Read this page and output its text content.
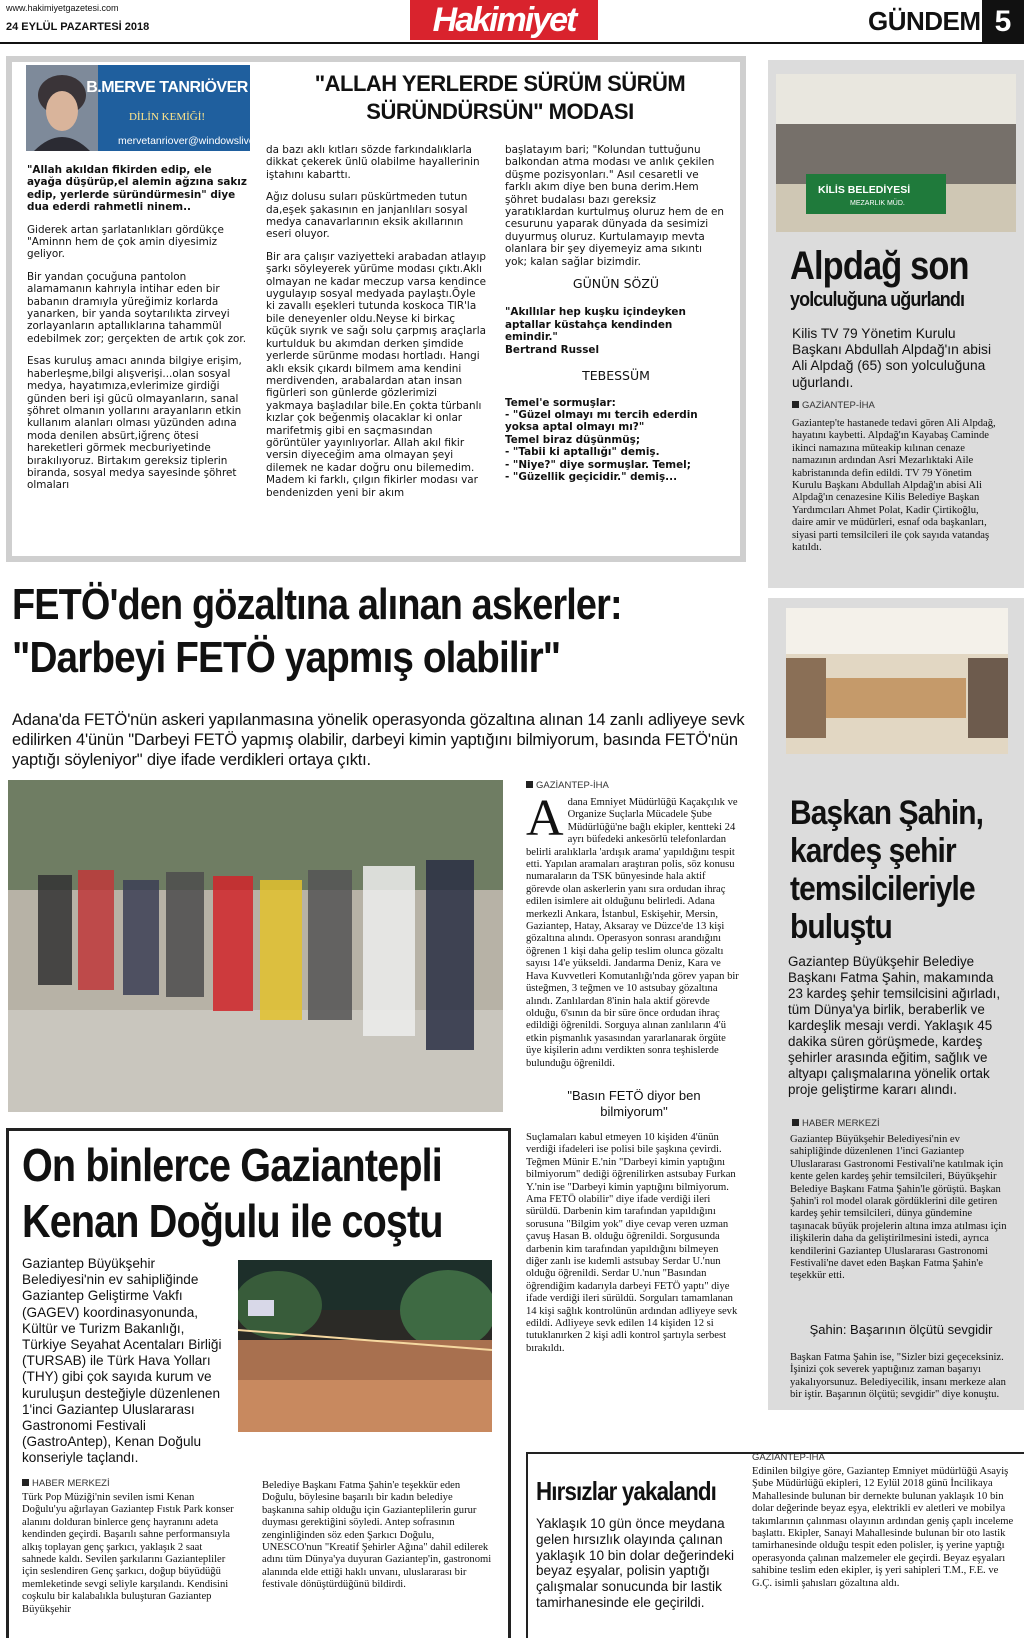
www.hakimiyetgazetesi.com
24 EYLÜL PAZARTESİ 2018	Hakimiyet	GÜNDEM 5
B.MERVE TANRIÖVER
DİLİN KEMİĞİ!
mervetanriover@windowslive.com
"ALLAH YERLERDE SÜRÜM SÜRÜM SÜRÜNDÜRSÜN" MODASI

"Allah akıldan fikirden edip, ele ayağa düşürüp,el alemin ağzına sakız edip, yerlerde süründürmesin" diye dua ederdi rahmetli ninem..

Giderek artan şarlatanlıkları gördükçe "Aminnn hem de çok amin diyesimiz geliyor.

Bir yandan çocuğuna pantolon alamamanın kahrıyla intihar eden bir babanın dramıyla yüreğimiz korlarda yanarken, bir yanda soytarılıkta zirveyi zorlayanların aptallıklarına tahammül edebilmek zor; gerçekten de artık çok zor.

Esas kuruluş amacı anında bilgiye erişim, haberleşme,bilgi alışverişi...olan sosyal medya, hayatımıza,evlerimize girdiği günden beri işi gücü olmayanların, sanal şöhret olmanın yollarını arayanların etkin kullanım alanları olması yüzünden adına moda denilen absürt,iğrenç ötesi hareketleri görmek mecburiyetinde bırakılıyoruz. Birtakım gereksiz tiplerin biranda, sosyal medya sayesinde şöhret olmaları

da bazı aklı kıtları sözde farkındalıklarla dikkat çekerek ünlü olabilme hayallerinin iştahını kabarttı.

Ağız dolusu suları püskürtmeden tutun da,eşek şakasının en janjanlıları sosyal medya canavarlarının eksik akıllarının eseri oluyor.

Bir ara çalışır vaziyetteki arabadan atlayıp şarkı söyleyerek yürüme modası çıktı.Aklı olmayan ne kadar meczup varsa kendince uygulayıp sosyal medyada paylaştı.Öyle ki zavallı eşekleri tutunda koskoca TIR'la bile deneyenler oldu.Neyse ki birkaç küçük sıyrık ve sağı solu çarpmış araçlarla kurtulduk bu akımdan derken şimdide yerlerde sürünme modası hortladı. Hangi aklı eksik çıkardı bilmem ama kendini merdivenden, arabalardan atan insan figürleri son günlerde gözlerimizi yakmaya başladılar bile.En çokta türbanlı kızlar çok beğenmiş olacaklar ki onlar marifetmiş gibi en saçmasından görüntüler yayınlıyorlar. Allah akıl fikir versin diyeceğim ama olmayan şeyi dilemek ne kadar doğru onu bilemedim. Madem ki farklı, çılgın fikirler modası var bendenizden yeni bir akım

başlatayım bari; "Kolundan tuttuğunu balkondan atma modası ve anlık çekilen düşme pozisyonları." Asıl cesaretli ve farklı akım diye ben buna derim.Hem şöhret budalası bazı gereksiz yaratıklardan kurtulmuş oluruz hem de en cesurunu yaparak dünyada da sesimizi duyurmuş oluruz. Kurtulamayıp mevta olanlara bir şey diyemeyiz ama sıkıntı yok; kalan sağlar bizimdir.

GÜNÜN SÖZÜ
"Akıllılar hep kuşku içindeyken aptallar küstahça kendinden emindir."
Bertrand Russel
TEBESSÜM
Temel'e sormuşlar:
- "Güzel olmayı mı tercih ederdin yoksa aptal olmayı mı?"
Temel biraz düşünmüş;
- "Tabii ki aptallığı" demiş.
- "Niye?" diye sormuşlar. Temel;
- "Güzellik geçicidir." demiş...
FETÖ'den gözaltına alınan askerler:
"Darbeyi FETÖ yapmış olabilir"
Adana'da FETÖ'nün askeri yapılanmasına yönelik operasyonda gözaltına alınan 14 zanlı adliyeye sevk edilirken 4'ünün "Darbeyi FETÖ yapmış olabilir, darbeyi kimin yaptığını bilmiyorum, basında FETÖ'nün yaptığı söyleniyor" diye ifade verdikleri ortaya çıktı.
GAZİANTEP-İHA
A dana Emniyet Müdürlüğü Kaçakçılık ve Organize Suçlarla Mücadele Şube Müdürlüğü'ne bağlı ekipler, kentteki 24 ayrı büfedeki ankesörlü telefonlardan belirli aralıklarla 'ardışık arama' yapıldığını tespit etti. Yapılan aramaları araştıran polis, söz konusu numaraların da TSK bünyesinde hala aktif görevde olan askerlerin yanı sıra ordudan ihraç edilen isimlere ait olduğunu belirledi. Adana merkezli Ankara, İstanbul, Eskişehir, Mersin, Gaziantep, Hatay, Aksaray ve Düzce'de 13 kişi gözaltına alındı. Operasyon sonrası arandığını öğrenen 1 kişi daha gelip teslim olunca gözaltı sayısı 14'e yükseldi. Jandarma Deniz, Kara ve Hava Kuvvetleri Komutanlığı'nda görev yapan bir üsteğmen, 3 teğmen ve 10 astsubay gözaltına alındı. Zanlılardan 8'inin hala aktif görevde olduğu, 6'sının da bir süre önce ordudan ihraç edildiği öğrenildi. Sorguya alınan zanlıların 4'ü etkin pişmanlık yasasından yararlanarak örgüte üye kişilerin adını verdikten sonra teşhislerde bulunduğu öğrenildi.
"Basın FETÖ diyor ben bilmiyorum"
Suçlamaları kabul etmeyen 10 kişiden 4'ünün verdiği ifadeleri ise polisi bile şaşkına çevirdi. Teğmen Münir E.'nin "Darbeyi kimin yaptığını bilmiyorum" dediği öğrenilirken astsubay Furkan Y.'nin ise "Darbeyi kimin yaptığını bilmiyorum. Ama FETÖ olabilir" diye ifade verdiği ileri sürüldü. Darbenin kim tarafından yapıldığını sorusuna "Bilgim yok" diye cevap veren uzman çavuş Hasan B. olduğu öğrenildi. Sorgusunda darbenin kim tarafından yapıldığını bilmeyen diğer zanlı ise kıdemli astsubay Serdar U.'nun olduğu öğrenildi. Serdar U.'nun "Basından öğrendiğim kadarıyla darbeyi FETÖ yaptı" diye ifade verdiği ileri sürüldü. Sorguları tamamlanan 14 kişi sağlık kontrolünün ardından adliyeye sevk edildi. Adliyeye sevk edilen 14 kişiden 12 si tutuklanırken 2 kişi adli kontrol şartıyla serbest bırakıldı.
On binlerce Gaziantepli
Kenan Doğulu ile coştu
Gaziantep Büyükşehir Belediyesi'nin ev sahipliğinde Gaziantep Geliştirme Vakfı (GAGEV) koordinasyonunda, Kültür ve Turizm Bakanlığı, Türkiye Seyahat Acentaları Birliği (TURSAB) ile Türk Hava Yolları (THY) gibi çok sayıda kurum ve kuruluşun desteğiyle düzenlenen 1'inci Gaziantep Uluslararası Gastronomi Festivali (GastroAntep), Kenan Doğulu konseriyle taçlandı.
HABER MERKEZİ
Türk Pop Müziği'nin sevilen ismi Kenan Doğulu'yu ağırlayan Gaziantep Fıstık Park konser alanını dolduran binlerce genç hayranını adeta kendinden geçirdi. Başarılı sahne performansıyla alkış toplayan genç şarkıcı, yaklaşık 2 saat sahnede kaldı. Sevilen şarkılarını Gaziantepliler için seslendiren Genç şarkıcı, doğup büyüdüğü memleketinde sevgi seliyle karşılandı. Kendisini coşkulu bir kalabalıkla buluşturan Gaziantep Büyükşehir
Belediye Başkanı Fatma Şahin'e teşekkür eden Doğulu, böylesine başarılı bir kadın belediye başkanına sahip olduğu için Gazianteplilerin gurur duyması gerektiğini söyledi. Antep sofrasının zenginliğinden söz eden Şarkıcı Doğulu, UNESCO'nun "Kreatif Şehirler Ağına" dahil edilerek adını tüm Dünya'ya duyuran Gaziantep'in, gastronomi alanında elde ettiği haklı unvanı, uluslararası bir festivale dönüştürdüğünü bildirdi.
KİLİS BELEDİYESİ
MEZARLIK MÜD.
Alpdağ son
yolculuğuna uğurlandı
Kilis TV 79 Yönetim Kurulu Başkanı Abdullah Alpdağ'ın abisi Ali Alpdağ (65) son yolculuğuna uğurlandı.
GAZİANTEP-İHA
Gaziantep'te hastanede tedavi gören Ali Alpdağ, hayatını kaybetti. Alpdağ'ın Kayabaş Caminde ikinci namazına müteakip kılınan cenaze namazının ardından Asri Mezarlıktaki Aile kabristanında defin edildi. TV 79 Yönetim Kurulu Başkanı Abdullah Alpdağ'ın abisi Ali Alpdağ'ın cenazesine Kilis Belediye Başkan Yardımcıları Ahmet Polat, Kadir Çirtikoğlu, daire amir ve müdürleri, esnaf oda başkanları, siyasi parti temsilcileri ile çok sayıda vatandaş katıldı.
Başkan Şahin,
kardeş şehir
temsilcileriyle
buluştu
Gaziantep Büyükşehir Belediye Başkanı Fatma Şahin, makamında 23 kardeş şehir temsilcisini ağırladı, tüm Dünya'ya birlik, beraberlik ve kardeşlik mesajı verdi. Yaklaşık 45 dakika süren görüşmede, kardeş şehirler arasında eğitim, sağlık ve altyapı çalışmalarına yönelik ortak proje geliştirme kararı alındı.
HABER MERKEZİ
Gaziantep Büyükşehir Belediyesi'nin ev sahipliğinde düzenlenen 1'inci Gaziantep Uluslararası Gastronomi Festivali'ne katılmak için kente gelen kardeş şehir temsilcileri, Büyükşehir Belediye Başkanı Fatma Şahin'le görüştü. Başkan Şahin'i rol model olarak gördüklerini dile getiren kardeş şehir temsilcileri, dünya gündemine taşınacak büyük projelerin altına imza atılması için ilişkilerin daha da geliştirilmesini istedi, ayrıca kendilerini Gaziantep Uluslararası Gastronomi Festivali'ne davet eden Başkan Fatma Şahin'e teşekkür etti.
Şahin: Başarının ölçütü sevgidir
Başkan Fatma Şahin ise, "Sizler bizi geçeceksiniz. İşinizi çok severek yaptığınız zaman başarıyı yakalıyorsunuz. Belediyecilik, insanı merkeze alan bir iştir. Başarının ölçütü; sevgidir" diye konuştu.
Hırsızlar yakalandı
Yaklaşık 10 gün önce meydana gelen hırsızlık olayında çalınan yaklaşık 10 bin dolar değerindeki beyaz eşyalar, polisin yaptığı çalışmalar sonucunda bir lastik tamirhanesinde ele geçirildi.
GAZİANTEP-İHA
Edinilen bilgiye göre, Gaziantep Emniyet müdürlüğü Asayiş Şube Müdürlüğü ekipleri, 12 Eylül 2018 günü İncilikaya Mahallesinde bulunan bir dernekte bulunan yaklaşık 10 bin dolar değerinde beyaz eşya, elektrikli ev aletleri ve mobilya takımlarının çalınması olayının ardından geniş çaplı inceleme başlattı. Ekipler, Sanayi Mahallesinde bulunan bir oto lastik tamirhanesinde olduğu tespit eden polisler, iş yerine yaptığı operasyonda çalınan malzemeler ele geçirdi. Beyaz eşyaları sahibine teslim eden ekipler, iş yeri sahipleri T.M., F.E. ve G.Ç. isimli şahısları gözaltına aldı.
